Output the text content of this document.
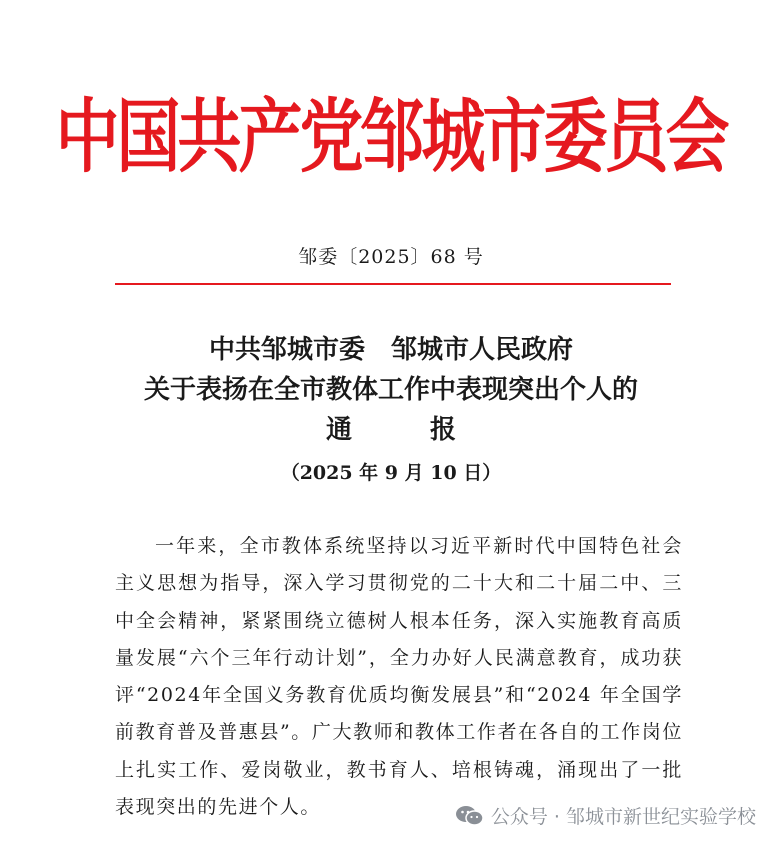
中国共产党邹城市委员会
邹委〔2025〕68 号
中共邹城市委　邹城市人民政府
关于表扬在全市教体工作中表现突出个人的
通	报
（2025 年 9 月 10 日）
一年来，全市教体系统坚持以习近平新时代中国特色社会主义思想为指导，深入学习贯彻党的二十大和二十届二中、三中全会精神，紧紧围绕立德树人根本任务，深入实施教育高质量发展“六个三年行动计划”，全力办好人民满意教育，成功获评“2024年全国义务教育优质均衡发展县”和“2024 年全国学前教育普及普惠县”。广大教师和教体工作者在各自的工作岗位上扎实工作、爱岗敬业，教书育人、培根铸魂，涌现出了一批表现突出的先进个人。	公众号 · 邹城市新世纪实验学校
